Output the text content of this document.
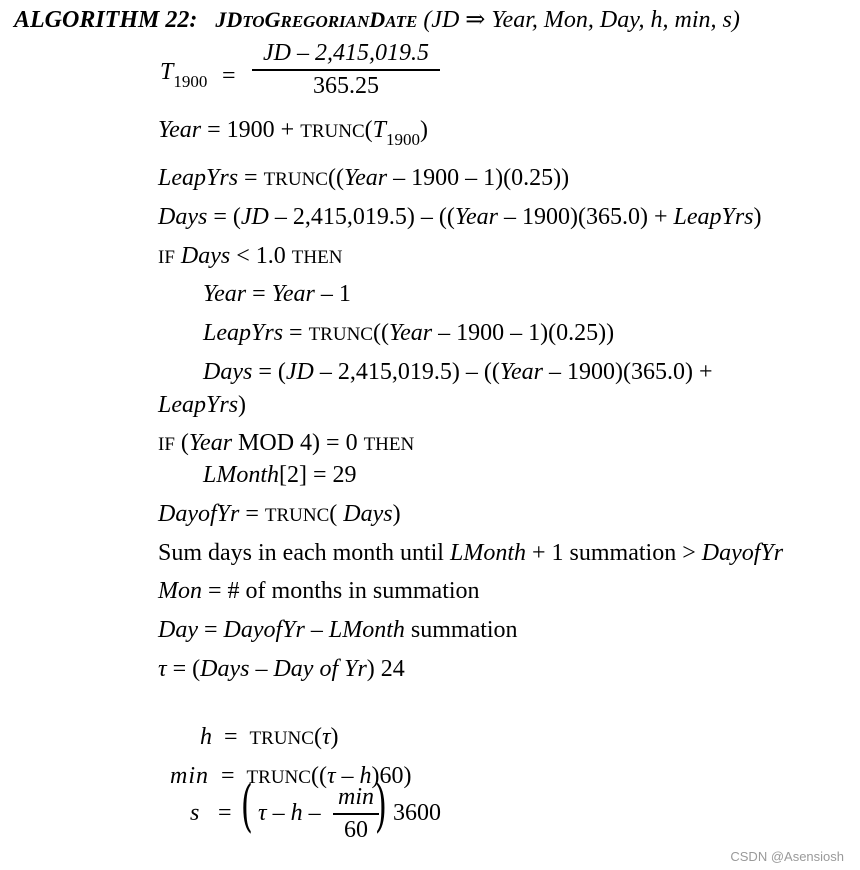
ALGORITHM 22: JDTOGREGORIANDATE (JD ⇒ Year, Mon, Day, h, min, s)
$T_{1900}$ =
JD – 2,415,019.5
365.25
Year = $1900 + TRUNC(T_{1900})$
LeapYrs = TRUNC((Year – 1900 – 1)(0.25))
Days = (JD – 2,415,019.5) – ((Year – 1900)(365.0) + LeapYrs)
IF Days < 1.0 THEN
Year = Year – 1
LeapYrs = TRUNC((Year – 1900 – 1)(0.25))
Days = (JD – 2,415,019.5) – ((Year – 1900)(365.0) +
LeapYrs)
IF (Year MOD 4) = 0 THEN
LMonth[2] = 29
DayofYr = TRUNC( Days)
Sum days in each month until LMonth + 1 summation > DayofYr
Mon = # of months in summation
Day = DayofYr – LMonth summation
τ = (Days – Day of Yr) 24

h  =  TRUNC(τ)

min  =  TRUNC((τ – h)60)

s = ( τ – h –
min
60 ) 3600
CSDN @Asensiosh
